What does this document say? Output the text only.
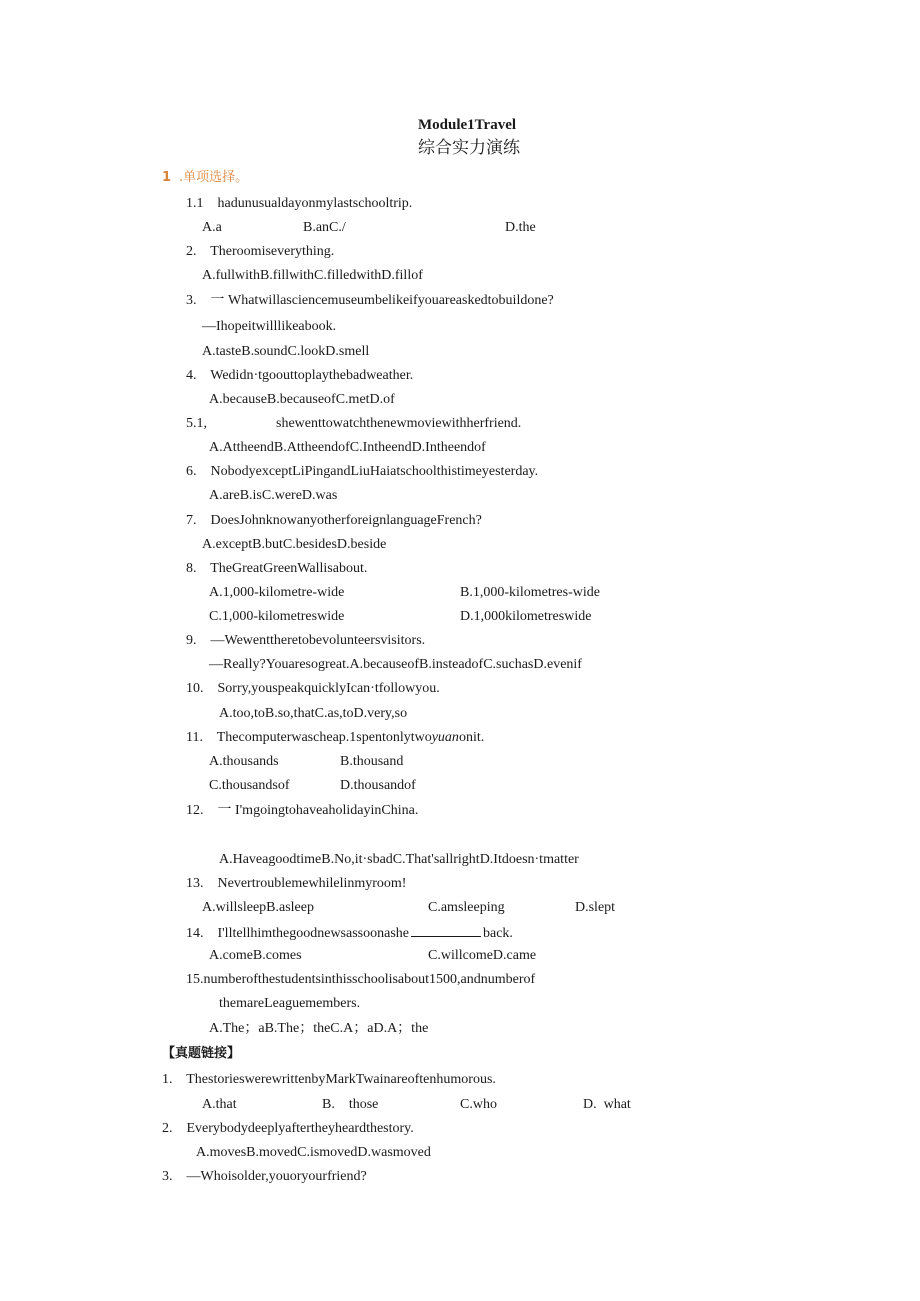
Module1Travel
综合实力演练
1 .单项选择。
1.1    hadunusualdayonmylastschooltrip.
A.a	B.anC./	D.the
2.    Theroomiseverything.
A.fullwithB.fillwithC.filledwithD.fillof
3.    一 Whatwillasciencemuseumbelikeifyouareaskedtobuildone?
—Ihopeitwilllikeabook.
A.tasteB.soundC.lookD.smell
4.    Wedidn·tgoouttoplaythebadweather.
A.becauseB.becauseofC.metD.of
5.1,	shewenttowatchthenewmoviewithherfriend.
A.AttheendB.AttheendofC.IntheendD.Intheendof
6.    NobodyexceptLiPingandLiuHaiatschoolthistimeyesterday.
A.areB.isC.wereD.was
7.    DoesJohnknowanyotherforeignlanguageFrench?
A.exceptB.butC.besidesD.beside
8.    TheGreatGreenWallisabout.
A.1,000-kilometre-wide	B.1,000-kilometres-wide
C.1,000-kilometreswide	D.1,000kilometreswide
9.    —Wewenttheretobevolunteersvisitors.
—Really?Youaresogreat.A.becauseofB.insteadofC.suchasD.evenif
10.    Sorry,youspeakquicklyIcan·tfollowyou.
A.too,toB.so,thatC.as,toD.very,so
11.    Thecomputerwascheap.1spentonlytwoyuanonit.
A.thousands	B.thousand
C.thousandsof	D.thousandof
12.    一 I'mgoingtohaveaholidayinChina.
A.HaveagoodtimeB.No,it·sbadC.That'sallrightD.Itdoesn·tmatter
13.    Nevertroublemewhilelinmyroom!
A.willsleepB.asleep	C.amsleeping	D.slept
14.    I'lltellhimthegoodnewsassoonashe	back.
A.comeB.comes	C.willcomeD.came
15.numberofthestudentsinthisschoolisabout1500,andnumberof
themareLeaguemembers.
A.The；aB.The；theC.A；aD.A；the
【真题链接】
1.    ThestorieswerewrittenbyMarkTwainareoftenhumorous.
A.that	B.    those	C.who	D.  what
2.    Everybodydeeplyaftertheyheardthestory.
A.movesB.movedC.ismovedD.wasmoved
3.    —Whoisolder,youoryourfriend?
